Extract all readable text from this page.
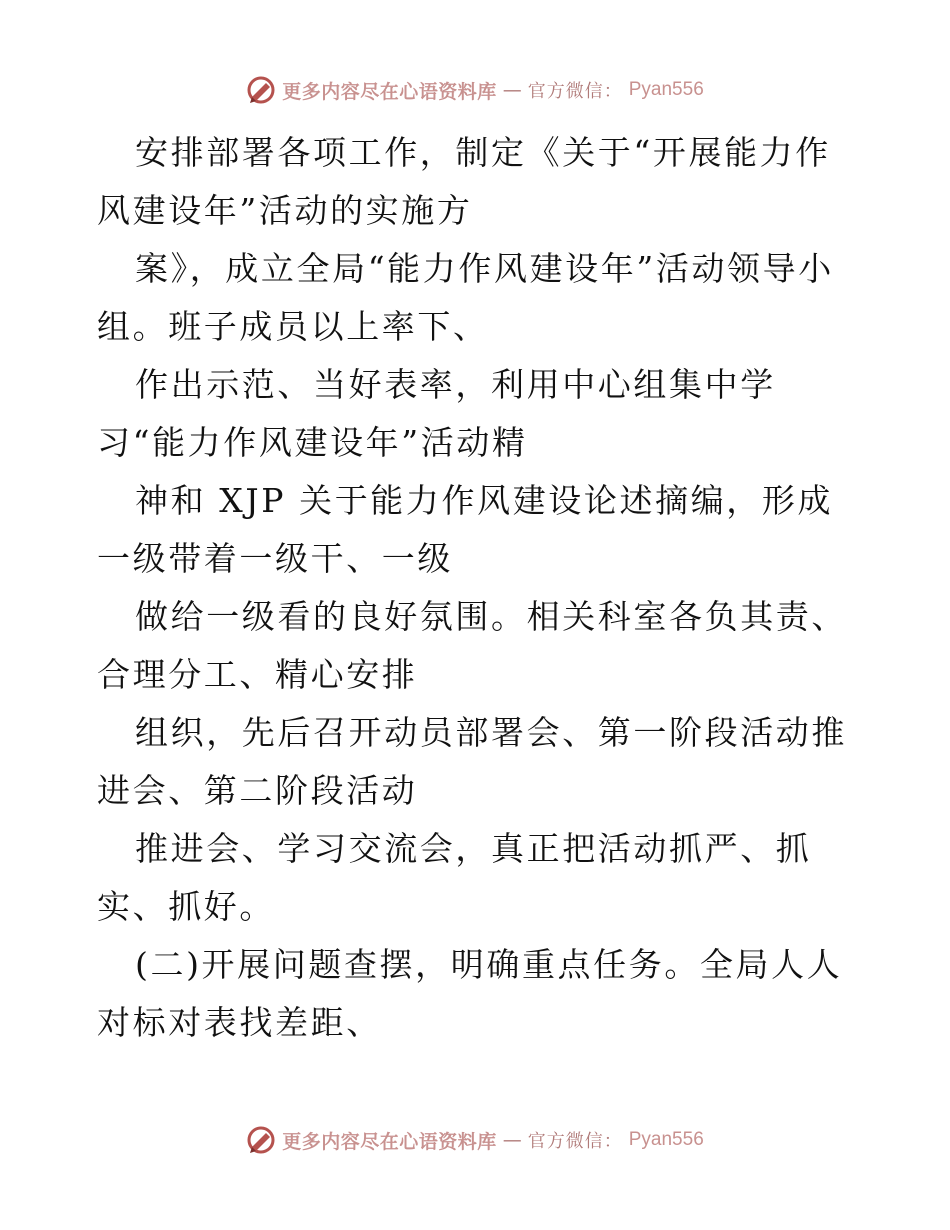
更多内容尽在心语资料库 — 官方微信： Pyan556

安排部署各项工作，制定《关于“开展能力作风建设年”活动的实施方

案》，成立全局“能力作风建设年”活动领导小组。班子成员以上率下、

作出示范、当好表率，利用中心组集中学习“能力作风建设年”活动精

神和 XJP 关于能力作风建设论述摘编，形成一级带着一级干、一级

做给一级看的良好氛围。相关科室各负其责、合理分工、精心安排

组织，先后召开动员部署会、第一阶段活动推进会、第二阶段活动

推进会、学习交流会，真正把活动抓严、抓实、抓好。

(二)开展问题查摆，明确重点任务。全局人人对标对表找差距、

更多内容尽在心语资料库 — 官方微信： Pyan556
